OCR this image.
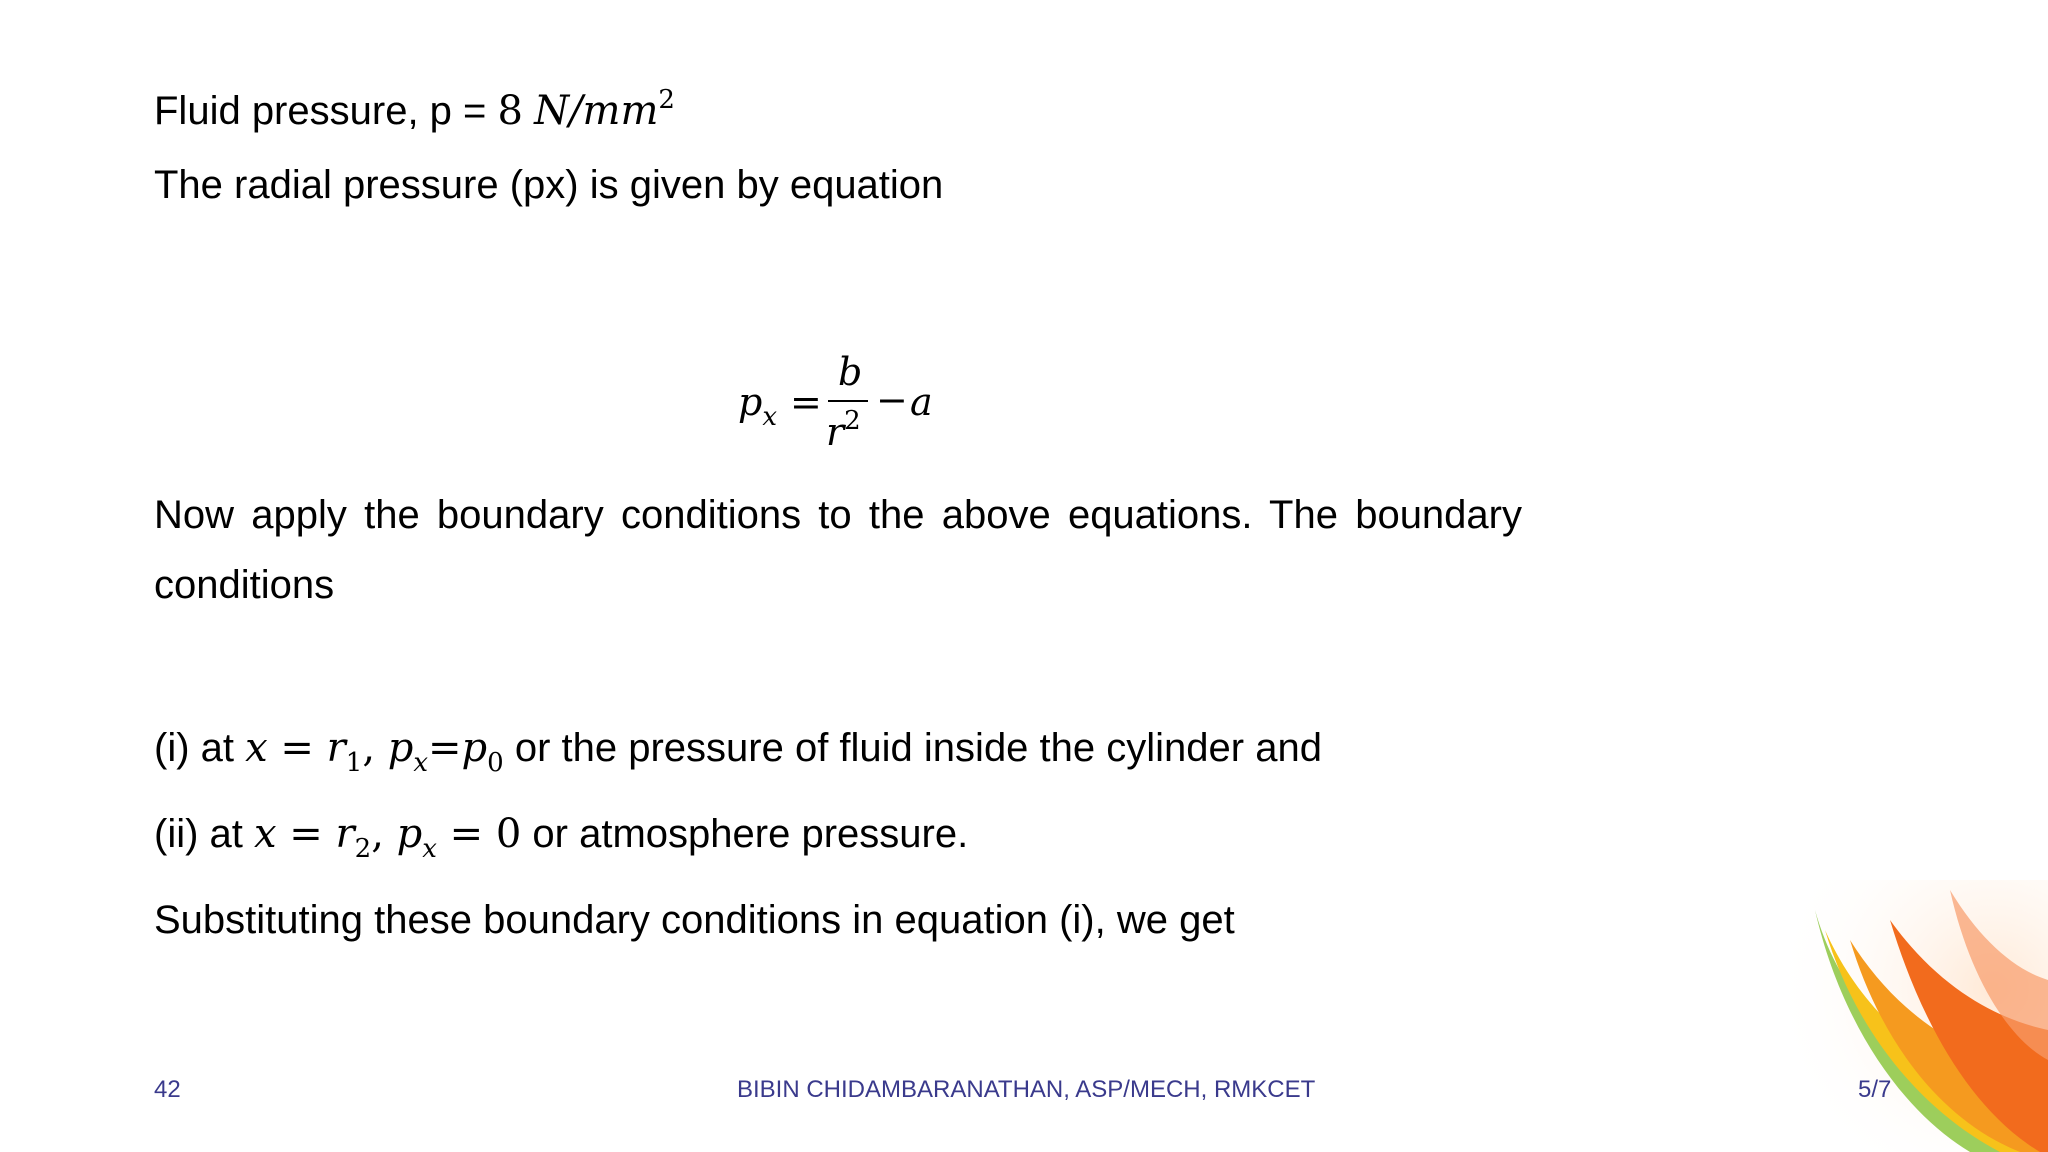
Fluid pressure, p = 8 $N/mm^2$
The radial pressure (px) is given by equation
$p_x$ =
b
$r^2 - a$
Now apply the boundary conditions to the above equations. The boundary conditions
(i) at $x = r_1$, $p_x=p_0$ or the pressure of fluid inside the cylinder and
(ii) at $x = r_2$, $p_x = 0$ or atmosphere pressure.
Substituting these boundary conditions in equation (i), we get
42	BIBIN CHIDAMBARANATHAN, ASP/MECH, RMKCET	5/7
